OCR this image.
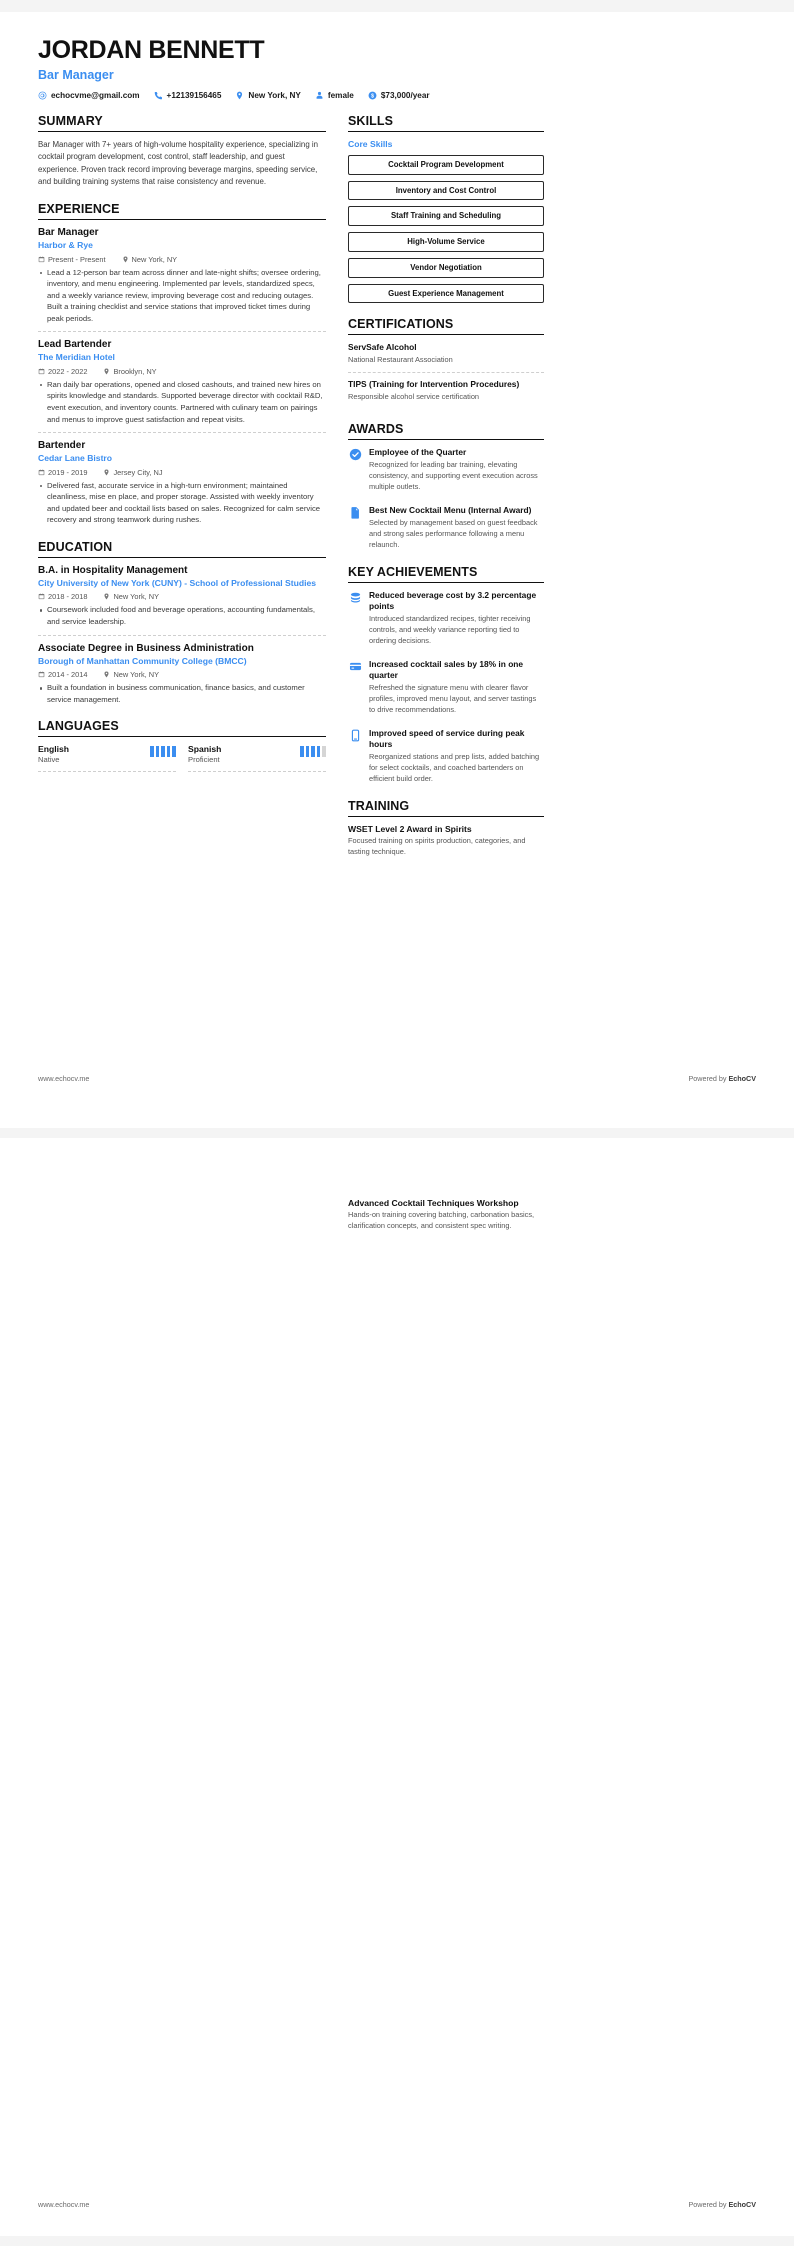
JORDAN BENNETT
Bar Manager
echocvme@gmail.com	+12139156465	New York, NY	female $ $73,000/year
SUMMARY
Bar Manager with 7+ years of high-volume hospitality experience, specializing in cocktail program development, cost control, staff leadership, and guest experience. Proven track record improving beverage margins, speeding service, and building training systems that raise consistency and revenue.
EXPERIENCE
Bar Manager
Harbor & Rye
Present - Present	New York, NY
Lead a 12-person bar team across dinner and late-night shifts; oversee ordering, inventory, and menu engineering. Implemented par levels, standardized specs, and a weekly variance review, improving beverage cost and reducing outages. Built a training checklist and service stations that improved ticket times during peak periods.
Lead Bartender
The Meridian Hotel
2022 - 2022	Brooklyn, NY
Ran daily bar operations, opened and closed cashouts, and trained new hires on spirits knowledge and standards. Supported beverage director with cocktail R&D, event execution, and inventory counts. Partnered with culinary team on pairings and menus to improve guest satisfaction and repeat visits.
Bartender
Cedar Lane Bistro
2019 - 2019	Jersey City, NJ
Delivered fast, accurate service in a high-turn environment; maintained cleanliness, mise en place, and proper storage. Assisted with weekly inventory and updated beer and cocktail lists based on sales. Recognized for calm service recovery and strong teamwork during rushes.
EDUCATION
B.A. in Hospitality Management
City University of New York (CUNY) - School of Professional Studies
2018 - 2018	New York, NY
Coursework included food and beverage operations, accounting fundamentals, and service leadership.
Associate Degree in Business Administration
Borough of Manhattan Community College (BMCC)
2014 - 2014	New York, NY
Built a foundation in business communication, finance basics, and customer service management.
LANGUAGES
English
Native
Spanish
Proficient
SKILLS
Core Skills
Cocktail Program Development
Inventory and Cost Control
Staff Training and Scheduling
High-Volume Service
Vendor Negotiation
Guest Experience Management
CERTIFICATIONS
ServSafe Alcohol
National Restaurant Association
TIPS (Training for Intervention Procedures)
Responsible alcohol service certification
AWARDS
Employee of the Quarter
Recognized for leading bar training, elevating consistency, and supporting event execution across multiple outlets.
Best New Cocktail Menu (Internal Award)
Selected by management based on guest feedback and strong sales performance following a menu relaunch.
KEY ACHIEVEMENTS
Reduced beverage cost by 3.2 percentage points
Introduced standardized recipes, tighter receiving controls, and weekly variance reporting tied to ordering decisions.
Increased cocktail sales by 18% in one quarter
Refreshed the signature menu with clearer flavor profiles, improved menu layout, and server tastings to drive recommendations.
Improved speed of service during peak hours
Reorganized stations and prep lists, added batching for select cocktails, and coached bartenders on efficient build order.
TRAINING
WSET Level 2 Award in Spirits
Focused training on spirits production, categories, and tasting technique.
www.echocv.me	Powered by EchoCV
Advanced Cocktail Techniques Workshop
Hands-on training covering batching, carbonation basics, clarification concepts, and consistent spec writing.
www.echocv.me	Powered by EchoCV
